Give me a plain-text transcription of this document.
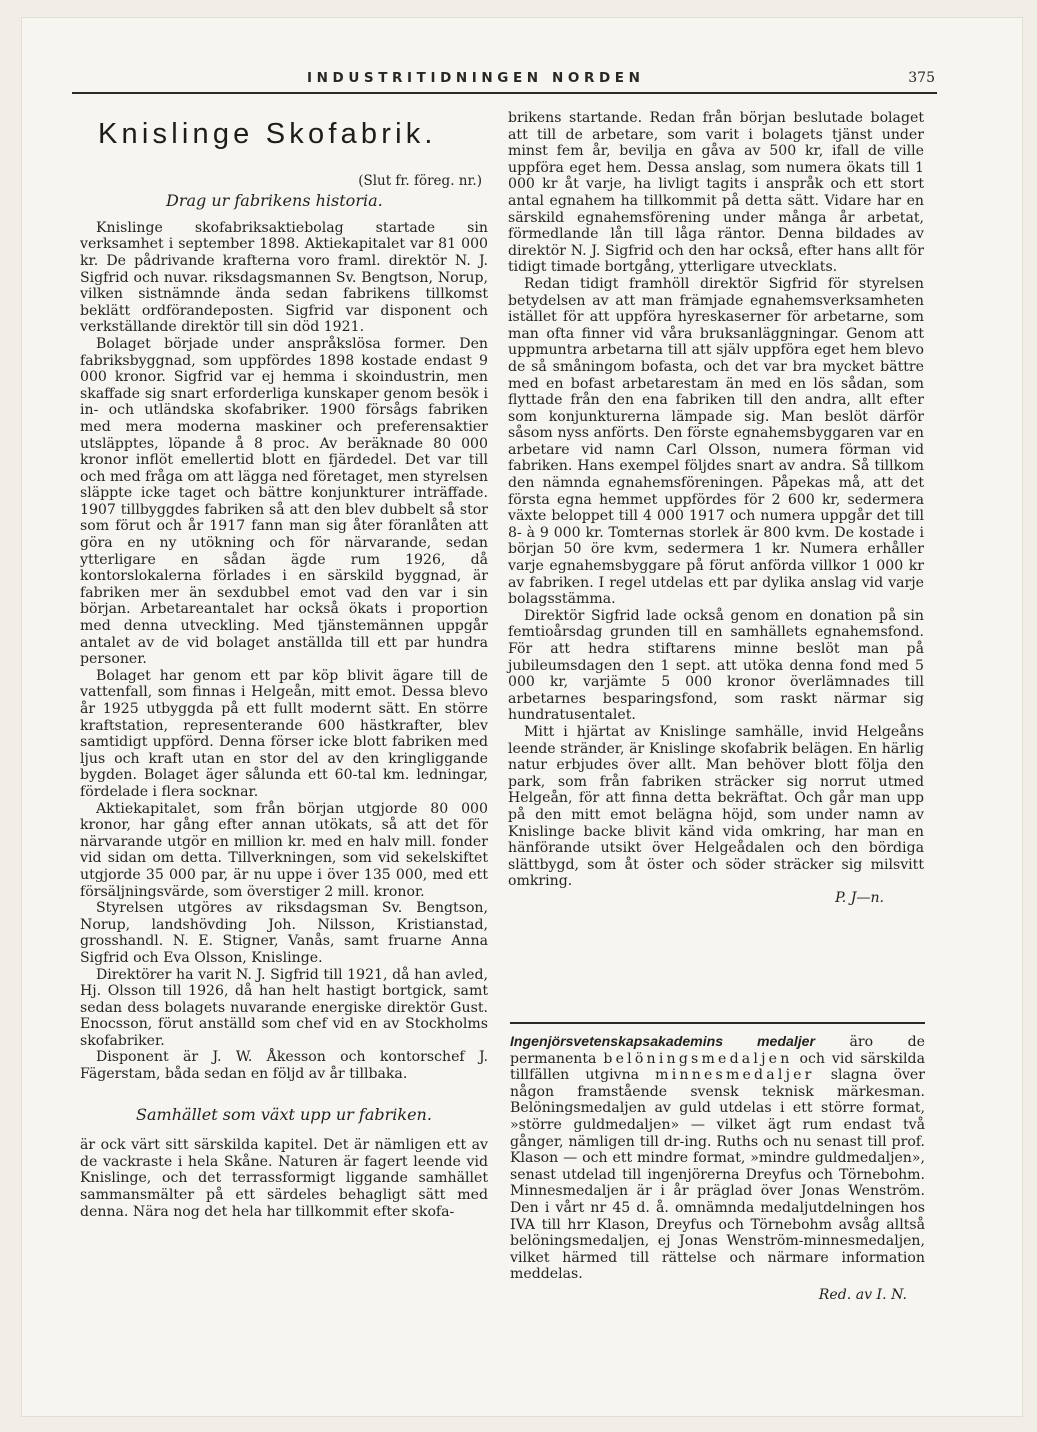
INDUSTRITIDNINGEN NORDEN	375
Knislinge Skofabrik.
(Slut fr. föreg. nr.)
Drag ur fabrikens historia.

Knislinge skofabriksaktiebolag startade sin verksamhet i september 1898. Aktiekapitalet var 81 000 kr. De pådrivande krafterna voro framl. direktör N. J. Sigfrid och nuvar. riksdagsmannen Sv. Bengtson, Norup, vilken sistnämnde ända sedan fabrikens tillkomst beklätt ordförandeposten. Sigfrid var disponent och verkställande direktör till sin död 1921.

Bolaget började under anspråkslösa former. Den fabriksbyggnad, som uppfördes 1898 kostade endast 9 000 kronor. Sigfrid var ej hemma i skoindustrin, men skaffade sig snart erforderliga kunskaper genom besök i in- och utländska skofabriker. 1900 försågs fabriken med mera moderna maskiner och preferensaktier utsläpptes, löpande å 8 proc. Av beräknade 80 000 kronor inflöt emellertid blott en fjärdedel. Det var till och med fråga om att lägga ned företaget, men styrelsen släppte icke taget och bättre konjunkturer inträffade. 1907 tillbyggdes fabriken så att den blev dubbelt så stor som förut och år 1917 fann man sig åter föranlåten att göra en ny utökning och för närvarande, sedan ytterligare en sådan ägde rum 1926, då kontorslokalerna förlades i en särskild byggnad, är fabriken mer än sexdubbel emot vad den var i sin början. Arbetareantalet har också ökats i proportion med denna utveckling. Med tjänstemännen uppgår antalet av de vid bolaget anställda till ett par hundra personer.

Bolaget har genom ett par köp blivit ägare till de vattenfall, som finnas i Helgeån, mitt emot. Dessa blevo år 1925 utbyggda på ett fullt modernt sätt. En större kraftstation, representerande 600 hästkrafter, blev samtidigt uppförd. Denna förser icke blott fabriken med ljus och kraft utan en stor del av den kringliggande bygden. Bolaget äger sålunda ett 60-tal km. ledningar, fördelade i flera socknar.

Aktiekapitalet, som från början utgjorde 80 000 kronor, har gång efter annan utökats, så att det för närvarande utgör en million kr. med en halv mill. fonder vid sidan om detta. Tillverkningen, som vid sekelskiftet utgjorde 35 000 par, är nu uppe i över 135 000, med ett försäljningsvärde, som överstiger 2 mill. kronor.

Styrelsen utgöres av riksdagsman Sv. Bengtson, Norup, landshövding Joh. Nilsson, Kristianstad, grosshandl. N. E. Stigner, Vanås, samt fruarne Anna Sigfrid och Eva Olsson, Knislinge.

Direktörer ha varit N. J. Sigfrid till 1921, då han avled, Hj. Olsson till 1926, då han helt hastigt bortgick, samt sedan dess bolagets nuvarande energiske direktör Gust. Enocsson, förut anställd som chef vid en av Stockholms skofabriker.

Disponent är J. W. Åkesson och kontorschef J. Fägerstam, båda sedan en följd av år tillbaka.

Samhället som växt upp ur fabriken.

är ock värt sitt särskilda kapitel. Det är nämligen ett av de vackraste i hela Skåne. Naturen är fagert leende vid Knislinge, och det terrassformigt liggande samhället sammansmälter på ett särdeles behagligt sätt med denna. Nära nog det hela har tillkommit efter skofa-

brikens startande. Redan från början beslutade bolaget att till de arbetare, som varit i bolagets tjänst under minst fem år, bevilja en gåva av 500 kr, ifall de ville uppföra eget hem. Dessa anslag, som numera ökats till 1 000 kr åt varje, ha livligt tagits i anspråk och ett stort antal egnahem ha tillkommit på detta sätt. Vidare har en särskild egnahemsförening under många år arbetat, förmedlande lån till låga räntor. Denna bildades av direktör N. J. Sigfrid och den har också, efter hans allt för tidigt timade bortgång, ytterligare utvecklats.

Redan tidigt framhöll direktör Sigfrid för styrelsen betydelsen av att man främjade egnahemsverksamheten istället för att uppföra hyreskaserner för arbetarne, som man ofta finner vid våra bruksanläggningar. Genom att uppmuntra arbetarna till att själv uppföra eget hem blevo de så småningom bofasta, och det var bra mycket bättre med en bofast arbetarestam än med en lös sådan, som flyttade från den ena fabriken till den andra, allt efter som konjunkturerna lämpade sig. Man beslöt därför såsom nyss anförts. Den förste egnahemsbyggaren var en arbetare vid namn Carl Olsson, numera förman vid fabriken. Hans exempel följdes snart av andra. Så tillkom den nämnda egnahemsföreningen. Påpekas må, att det första egna hemmet uppfördes för 2 600 kr, sedermera växte beloppet till 4 000 1917 och numera uppgår det till 8- à 9 000 kr. Tomternas storlek är 800 kvm. De kostade i början 50 öre kvm, sedermera 1 kr. Numera erhåller varje egnahemsbyggare på förut anförda villkor 1 000 kr av fabriken. I regel utdelas ett par dylika anslag vid varje bolagsstämma.

Direktör Sigfrid lade också genom en donation på sin femtioårsdag grunden till en samhällets egnahemsfond. För att hedra stiftarens minne beslöt man på jubileumsdagen den 1 sept. att utöka denna fond med 5 000 kr, varjämte 5 000 kronor överlämnades till arbetarnes besparingsfond, som raskt närmar sig hundratusentalet.

Mitt i hjärtat av Knislinge samhälle, invid Helgeåns leende stränder, är Knislinge skofabrik belägen. En härlig natur erbjudes över allt. Man behöver blott följa den park, som från fabriken sträcker sig norrut utmed Helgeån, för att finna detta bekräftat. Och går man upp på den mitt emot belägna höjd, som under namn av Knislinge backe blivit känd vida omkring, har man en hänförande utsikt över Helgeådalen och den bördiga slättbygd, som åt öster och söder sträcker sig milsvitt omkring.

P. J—n.

Ingenjörsvetenskapsakademins medaljer äro de permanenta belöningsmedaljen och vid särskilda tillfällen utgivna minnesmedaljer slagna över någon framstående svensk teknisk märkesman. Belöningsmedaljen av guld utdelas i ett större format, »större guldmedaljen» — vilket ägt rum endast två gånger, nämligen till dr-ing. Ruths och nu senast till prof. Klason — och ett mindre format, »mindre guldmedaljen», senast utdelad till ingenjörerna Dreyfus och Törnebohm. Minnesmedaljen är i år präglad över Jonas Wenström. Den i vårt nr 45 d. å. omnämnda medaljutdelningen hos IVA till hrr Klason, Dreyfus och Törnebohm avsåg alltså belöningsmedaljen, ej Jonas Wenström-minnesmedaljen, vilket härmed till rättelse och närmare information meddelas.

Red. av I. N.
